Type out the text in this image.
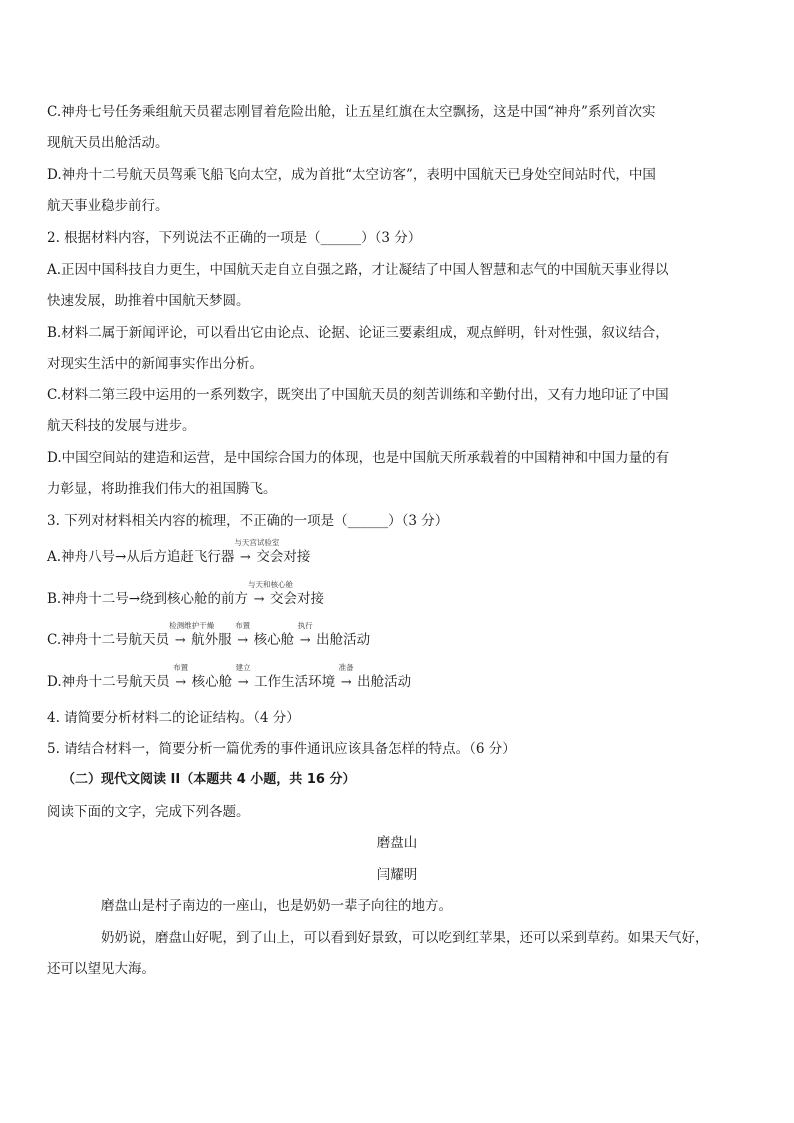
C.神舟七号任务乘组航天员翟志刚冒着危险出舱，让五星红旗在太空飘扬，这是中国“神舟”系列首次实
现航天员出舱活动。
D.神舟十二号航天员驾乘飞船飞向太空，成为首批“太空访客”，表明中国航天已身处空间站时代，中国
航天事业稳步前行。
2. 根据材料内容，下列说法不正确的一项是（______）（3 分）
A.正因中国科技自力更生，中国航天走自立自强之路，才让凝结了中国人智慧和志气的中国航天事业得以
快速发展，助推着中国航天梦圆。
B.材料二属于新闻评论，可以看出它由论点、论据、论证三要素组成，观点鲜明，针对性强，叙议结合，
对现实生活中的新闻事实作出分析。
C.材料二第三段中运用的一系列数字，既突出了中国航天员的刻苦训练和辛勤付出，又有力地印证了中国
航天科技的发展与进步。
D.中国空间站的建造和运营，是中国综合国力的体现，也是中国航天所承载着的中国精神和中国力量的有
力彰显，将助推我们伟大的祖国腾飞。
3. 下列对材料相关内容的梳理，不正确的一项是（______）（3 分）
A.神舟八号→从后方追赶飞行器
与天宫试验室
→ 交会对接
B.神舟十二号→绕到核心舱的前方
与天和核心舱
→ 交会对接
C.神舟十二号航天员
检测维护干燥
→ 航外服
布置
→ 核心舱
执行
→ 出舱活动
D.神舟十二号航天员
布置
→ 核心舱
建立
→ 工作生活环境
准备
→ 出舱活动
4. 请简要分析材料二的论证结构。（4 分）
5. 请结合材料一，简要分析一篇优秀的事件通讯应该具备怎样的特点。（6 分）
（二）现代文阅读 II（本题共 4 小题，共 16 分）
阅读下面的文字，完成下列各题。
磨盘山
闫耀明
磨盘山是村子南边的一座山，也是奶奶一辈子向往的地方。
奶奶说，磨盘山好呢，到了山上，可以看到好景致，可以吃到红苹果，还可以采到草药。如果天气好，
还可以望见大海。
